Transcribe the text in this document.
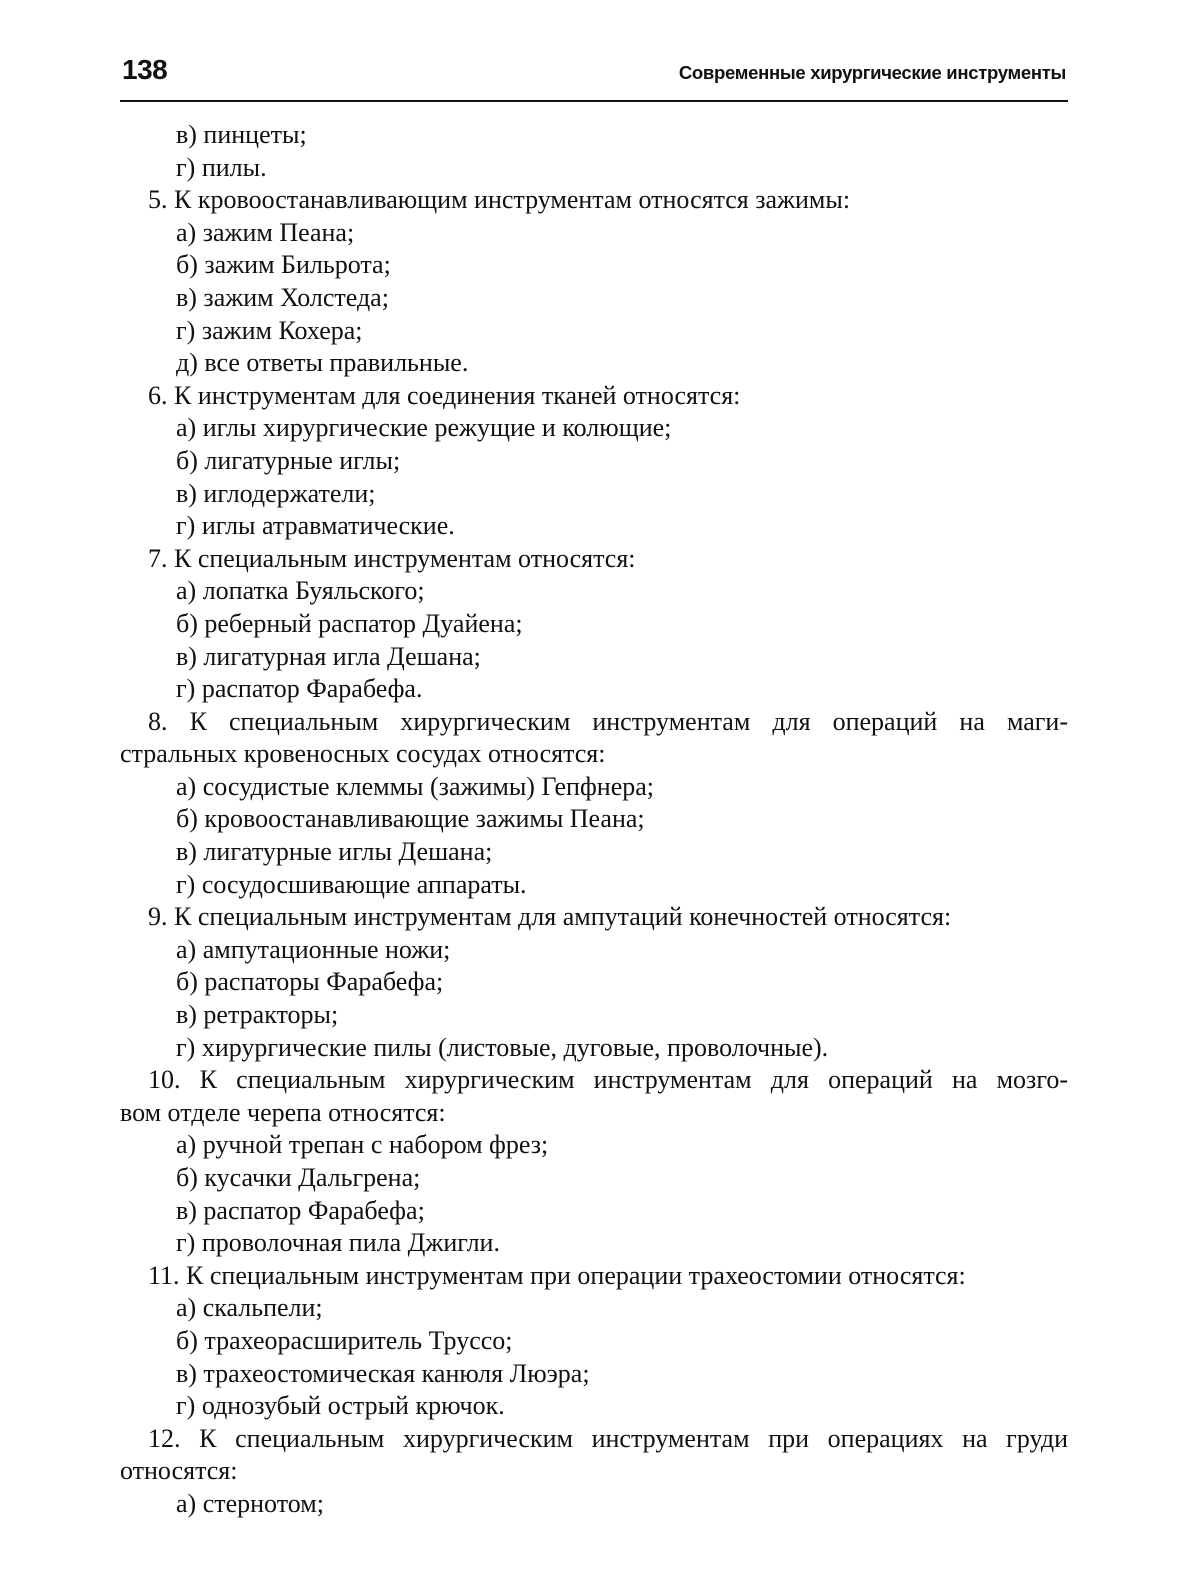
138	Современные хирургические инструменты
в) пинцеты;
г) пилы.
5. К кровоостанавливающим инструментам относятся зажимы:
а) зажим Пеана;
б) зажим Бильрота;
в) зажим Холстеда;
г) зажим Кохера;
д) все ответы правильные.
6. К инструментам для соединения тканей относятся:
а) иглы хирургические режущие и колющие;
б) лигатурные иглы;
в) иглодержатели;
г) иглы атравматические.
7. К специальным инструментам относятся:
а) лопатка Буяльского;
б) реберный распатор Дуайена;
в) лигатурная игла Дешана;
г) распатор Фарабефа.
8. К специальным хирургическим инструментам для операций на маги-
стральных кровеносных сосудах относятся:
а) сосудистые клеммы (зажимы) Гепфнера;
б) кровоостанавливающие зажимы Пеана;
в) лигатурные иглы Дешана;
г) сосудосшивающие аппараты.
9. К специальным инструментам для ампутаций конечностей относятся:
а) ампутационные ножи;
б) распаторы Фарабефа;
в) ретракторы;
г) хирургические пилы (листовые, дуговые, проволочные).
10. К специальным хирургическим инструментам для операций на мозго-
вом отделе черепа относятся:
а) ручной трепан с набором фрез;
б) кусачки Дальгрена;
в) распатор Фарабефа;
г) проволочная пила Джигли.
11. К специальным инструментам при операции трахеостомии относятся:
а) скальпели;
б) трахеорасширитель Труссо;
в) трахеостомическая канюля Люэра;
г) однозубый острый крючок.
12. К специальным хирургическим инструментам при операциях на груди
относятся:
а) стернотом;
